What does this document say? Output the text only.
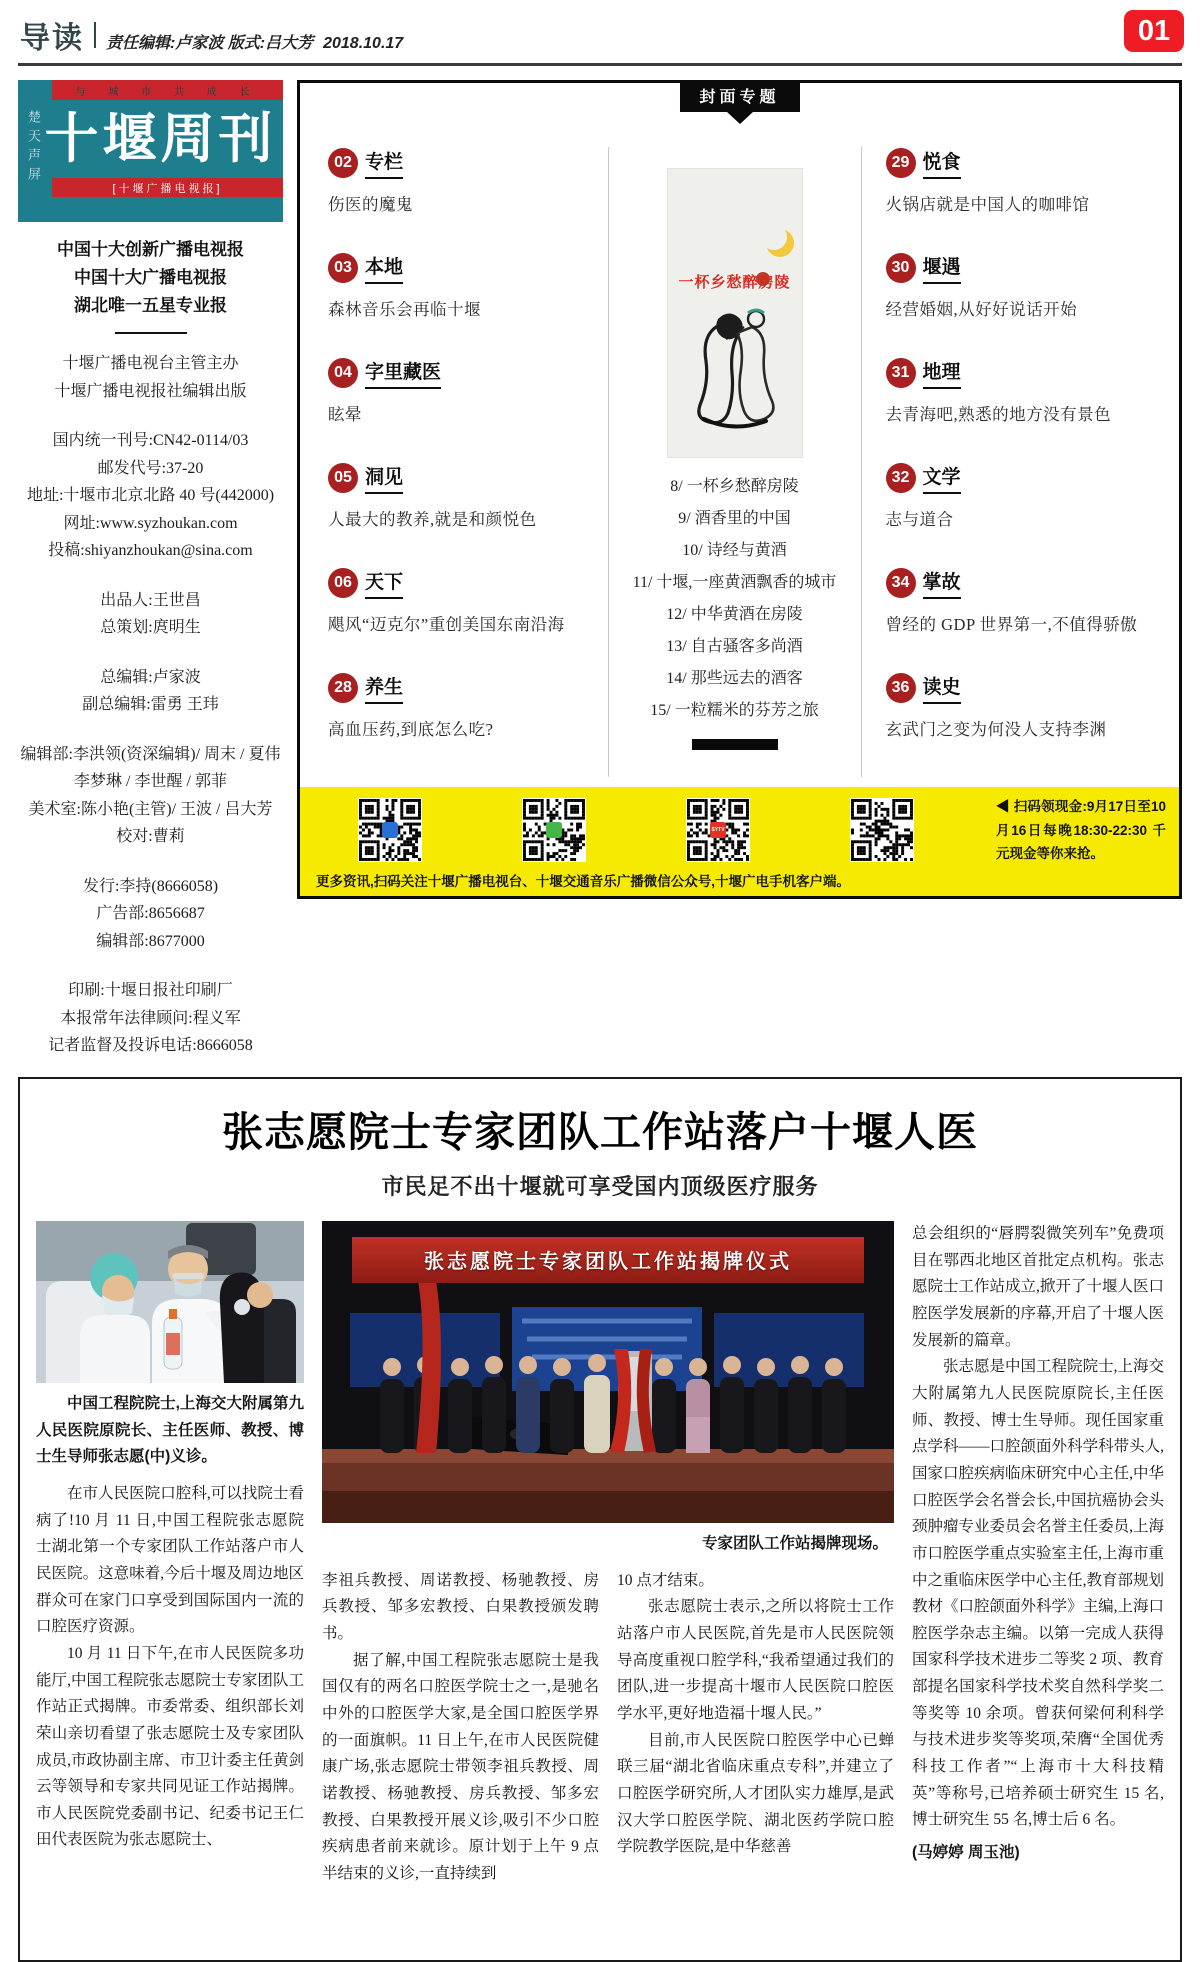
导读 责任编辑:卢家波 版式:吕大芳 2018.10.17	01
楚天声屏
与 城 市 共 成 长
十堰周刊
[十堰广播电视报]
中国十大创新广播电视报
中国十大广播电视报
湖北唯一五星专业报
十堰广播电视台主管主办
十堰广播电视报社编辑出版
国内统一刊号:CN42-0114/03
邮发代号:37-20
地址:十堰市北京北路 40 号(442000)
网址:www.syzhoukan.com
投稿:shiyanzhoukan@sina.com
出品人:王世昌
总策划:庹明生
总编辑:卢家波
副总编辑:雷勇 王玮
编辑部:李洪领(资深编辑)/ 周末 / 夏伟
李梦琳 / 李世醒 / 郭菲
美术室:陈小艳(主管)/ 王波 / 吕大芳
校对:曹莉
发行:李持(8666058)
广告部:8656687
编辑部:8677000
印刷:十堰日报社印刷厂
本报常年法律顾问:程义军
记者监督及投诉电话:8666058
封面专题
02 专栏
伤医的魔鬼
03 本地
森林音乐会再临十堰
04 字里藏医
眩晕
05 洞见
人最大的教养,就是和颜悦色
06 天下
飓风“迈克尔”重创美国东南沿海
28 养生
高血压药,到底怎么吃?
一杯乡愁醉房陵
8/ 一杯乡愁醉房陵
9/ 酒香里的中国
10/ 诗经与黄酒
11/ 十堰,一座黄酒飘香的城市
12/ 中华黄酒在房陵
13/ 自古骚客多尚酒
14/ 那些远去的酒客
15/ 一粒糯米的芬芳之旅
29 悦食
火锅店就是中国人的咖啡馆
30 堰遇
经营婚姻,从好好说话开始
31 地理
去青海吧,熟悉的地方没有景色
32 文学
志与道合
34 掌故
曾经的 GDP 世界第一,不值得骄傲
36 读史
玄武门之变为何没人支持李渊
SYTV
◀ 扫码领现金:9月17日至10月16日每晚18:30-22:30 千元现金等你来抢。
更多资讯,扫码关注十堰广播电视台、十堰交通音乐广播微信公众号,十堰广电手机客户端。
张志愿院士专家团队工作站落户十堰人医
市民足不出十堰就可享受国内顶级医疗服务

中国工程院院士,上海交大附属第九人民医院原院长、主任医师、教授、博士生导师张志愿(中)义诊。

在市人民医院口腔科,可以找院士看病了!10 月 11 日,中国工程院张志愿院士湖北第一个专家团队工作站落户市人民医院。这意味着,今后十堰及周边地区群众可在家门口享受到国际国内一流的口腔医疗资源。

10 月 11 日下午,在市人民医院多功能厅,中国工程院张志愿院士专家团队工作站正式揭牌。市委常委、组织部长刘荣山亲切看望了张志愿院士及专家团队成员,市政协副主席、市卫计委主任黄剑云等领导和专家共同见证工作站揭牌。市人民医院党委副书记、纪委书记王仁田代表医院为张志愿院士、

张志愿院士专家团队工作站揭牌仪式

专家团队工作站揭牌现场。

李祖兵教授、周诺教授、杨驰教授、房兵教授、邹多宏教授、白果教授颁发聘书。

据了解,中国工程院张志愿院士是我国仅有的两名口腔医学院士之一,是驰名中外的口腔医学大家,是全国口腔医学界的一面旗帜。11 日上午,在市人民医院健康广场,张志愿院士带领李祖兵教授、周诺教授、杨驰教授、房兵教授、邹多宏教授、白果教授开展义诊,吸引不少口腔疾病患者前来就诊。原计划于上午 9 点半结束的义诊,一直持续到

10 点才结束。

张志愿院士表示,之所以将院士工作站落户市人民医院,首先是市人民医院领导高度重视口腔学科,“我希望通过我们的团队,进一步提高十堰市人民医院口腔医学水平,更好地造福十堰人民。”

目前,市人民医院口腔医学中心已蝉联三届“湖北省临床重点专科”,并建立了口腔医学研究所,人才团队实力雄厚,是武汉大学口腔医学院、湖北医药学院口腔学院教学医院,是中华慈善

总会组织的“唇腭裂微笑列车”免费项目在鄂西北地区首批定点机构。张志愿院士工作站成立,掀开了十堰人医口腔医学发展新的序幕,开启了十堰人医发展新的篇章。

张志愿是中国工程院院士,上海交大附属第九人民医院原院长,主任医师、教授、博士生导师。现任国家重点学科——口腔颌面外科学科带头人,国家口腔疾病临床研究中心主任,中华口腔医学会名誉会长,中国抗癌协会头颈肿瘤专业委员会名誉主任委员,上海市口腔医学重点实验室主任,上海市重中之重临床医学中心主任,教育部规划教材《口腔颌面外科学》主编,上海口腔医学杂志主编。以第一完成人获得国家科学技术进步二等奖 2 项、教育部提名国家科学技术奖自然科学奖二等奖等 10 余项。曾获何梁何利科学与技术进步奖等奖项,荣膺“全国优秀科技工作者”“上海市十大科技精英”等称号,已培养硕士研究生 15 名,博士研究生 55 名,博士后 6 名。

(马婷婷 周玉池)
